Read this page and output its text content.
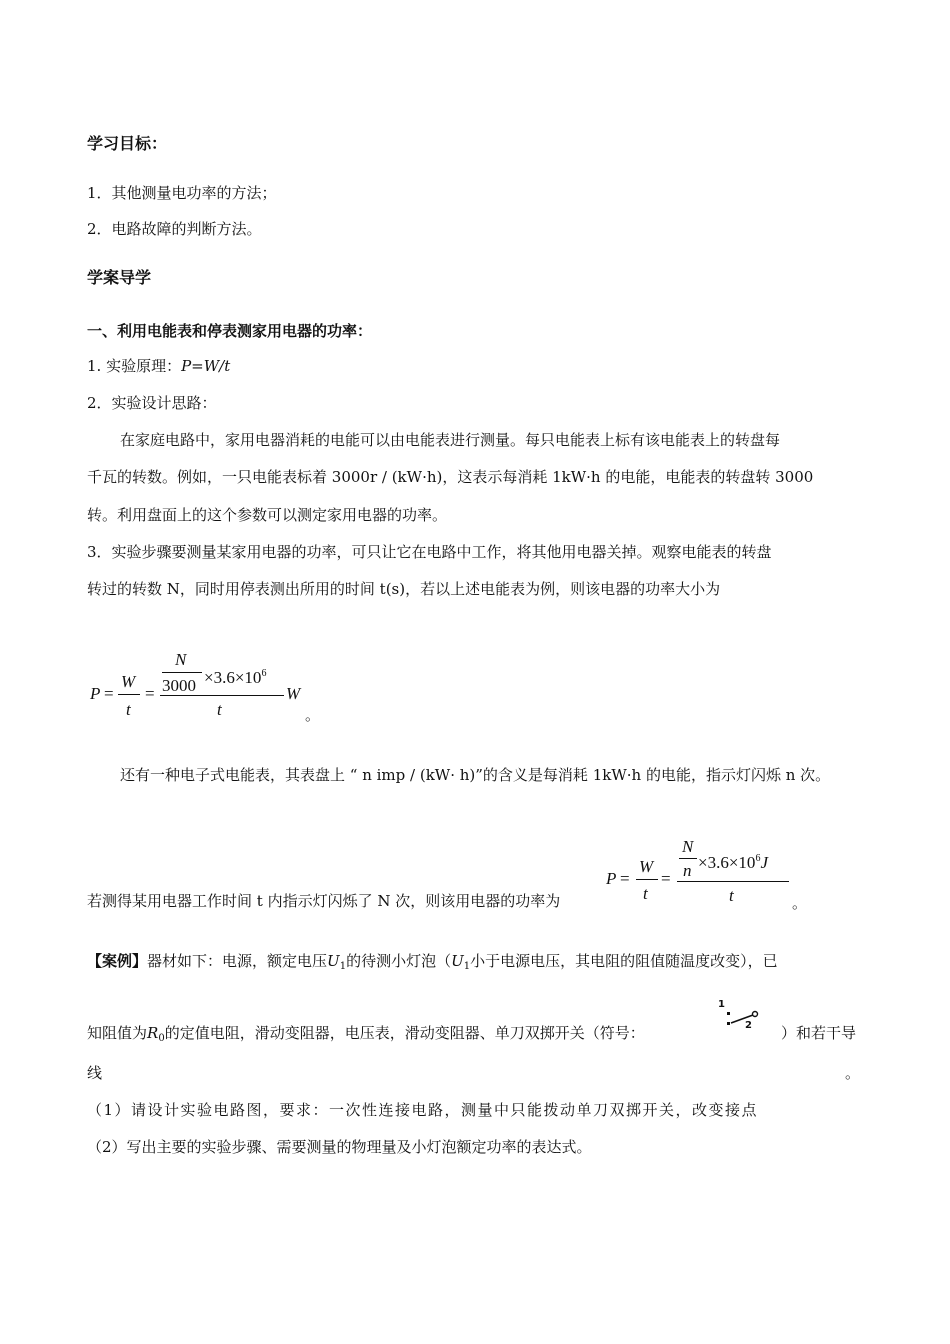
学习目标：
1．其他测量电功率的方法；
2．电路故障的判断方法。
学案导学
一、利用电能表和停表测家用电器的功率：
1. 实验原理：P=W/t
2．实验设计思路：
在家庭电路中，家用电器消耗的电能可以由电能表进行测量。每只电能表上标有该电能表上的转盘每
千瓦的转数。例如，一只电能表标着 3000r / (kW·h)，这表示每消耗 1kW·h 的电能，电能表的转盘转 3000
转。利用盘面上的这个参数可以测定家用电器的功率。
3．实验步骤要测量某家用电器的功率，可只让它在电路中工作，将其他用电器关掉。观察电能表的转盘
转过的转数 N，同时用停表测出所用的时间 t(s)，若以上述电能表为例，则该电器的功率大小为
P =
W
t
=
N
$3000 \times 3.6\times 10^6$
t
W
。
还有一种电子式电能表，其表盘上 “ n imp / (kW· h)”的含义是每消耗 1kW·h 的电能，指示灯闪烁 n 次。
若测得某用电器工作时间 t 内指示灯闪烁了 N 次，则该用电器的功率为
P =
W
t
=
N
$n \times 3.6\times 10^6J$
t	。
【案例】器材如下：电源，额定电压$U_1$的待测小灯泡（$U_1$小于电源电压，其电阻的阻值随温度改变），已
知阻值为$R_0$的定值电阻，滑动变阻器，电压表，滑动变阻器、单刀双掷开关（符号：
1
2 ）和若干导
线	。
（1）请设计实验电路图，要求：一次性连接电路，测量中只能拨动单刀双掷开关，改变接点
（2）写出主要的实验步骤、需要测量的物理量及小灯泡额定功率的表达式。
